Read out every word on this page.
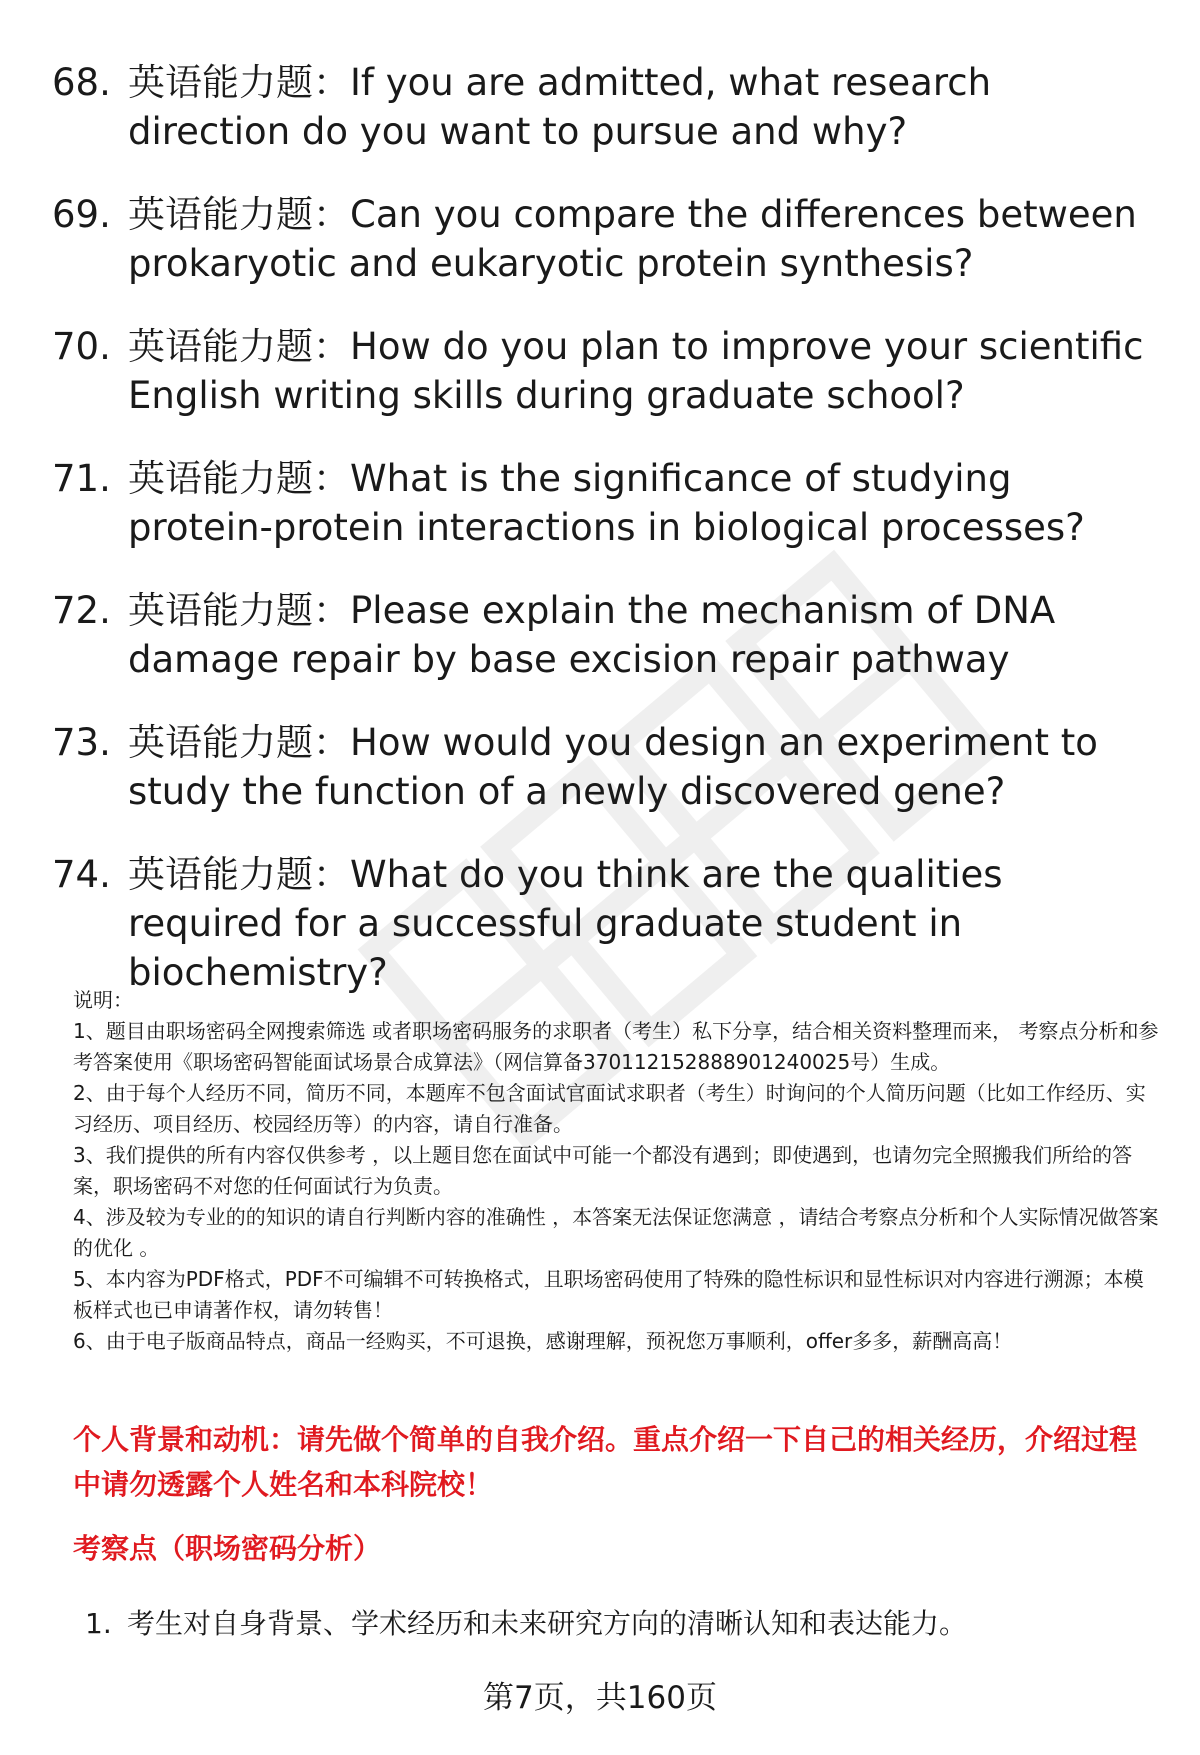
68. 英语能力题：If you are admitted, what research direction do you want to pursue and why?
69. 英语能力题：Can you compare the differences between prokaryotic and eukaryotic protein synthesis?
70. 英语能力题：How do you plan to improve your scientific English writing skills during graduate school?
71. 英语能力题：What is the significance of studying protein-protein interactions in biological processes?
72. 英语能力题：Please explain the mechanism of DNA damage repair by base excision repair pathway
73. 英语能力题：How would you design an experiment to study the function of a newly discovered gene?
74. 英语能力题：What do you think are the qualities required for a successful graduate student in biochemistry?

说明：

1、题目由职场密码全网搜索筛选 或者职场密码服务的求职者（考生）私下分享，结合相关资料整理而来， 考察点分析和参考答案使用《职场密码智能面试场景合成算法》（网信算备370112152888901240025号）生成。

2、由于每个人经历不同，简历不同，本题库不包含面试官面试求职者（考生）时询问的个人简历问题（比如工作经历、实习经历、项目经历、校园经历等）的内容，请自行准备。

3、我们提供的所有内容仅供参考 ，以上题目您在面试中可能一个都没有遇到；即使遇到，也请勿完全照搬我们所给的答案，职场密码不对您的任何面试行为负责。

4、涉及较为专业的的知识的请自行判断内容的准确性 ，本答案无法保证您满意 ，请结合考察点分析和个人实际情况做答案的优化 。

5、本内容为PDF格式，PDF不可编辑不可转换格式，且职场密码使用了特殊的隐性标识和显性标识对内容进行溯源；本模板样式也已申请著作权，请勿转售！

6、由于电子版商品特点，商品一经购买，不可退换，感谢理解，预祝您万事顺利，offer多多，薪酬高高！

个人背景和动机：请先做个简单的自我介绍。重点介绍一下自己的相关经历，介绍过程中请勿透露个人姓名和本科院校！
考察点（职场密码分析）
1. 考生对自身背景、学术经历和未来研究方向的清晰认知和表达能力。
第7页，共160页
